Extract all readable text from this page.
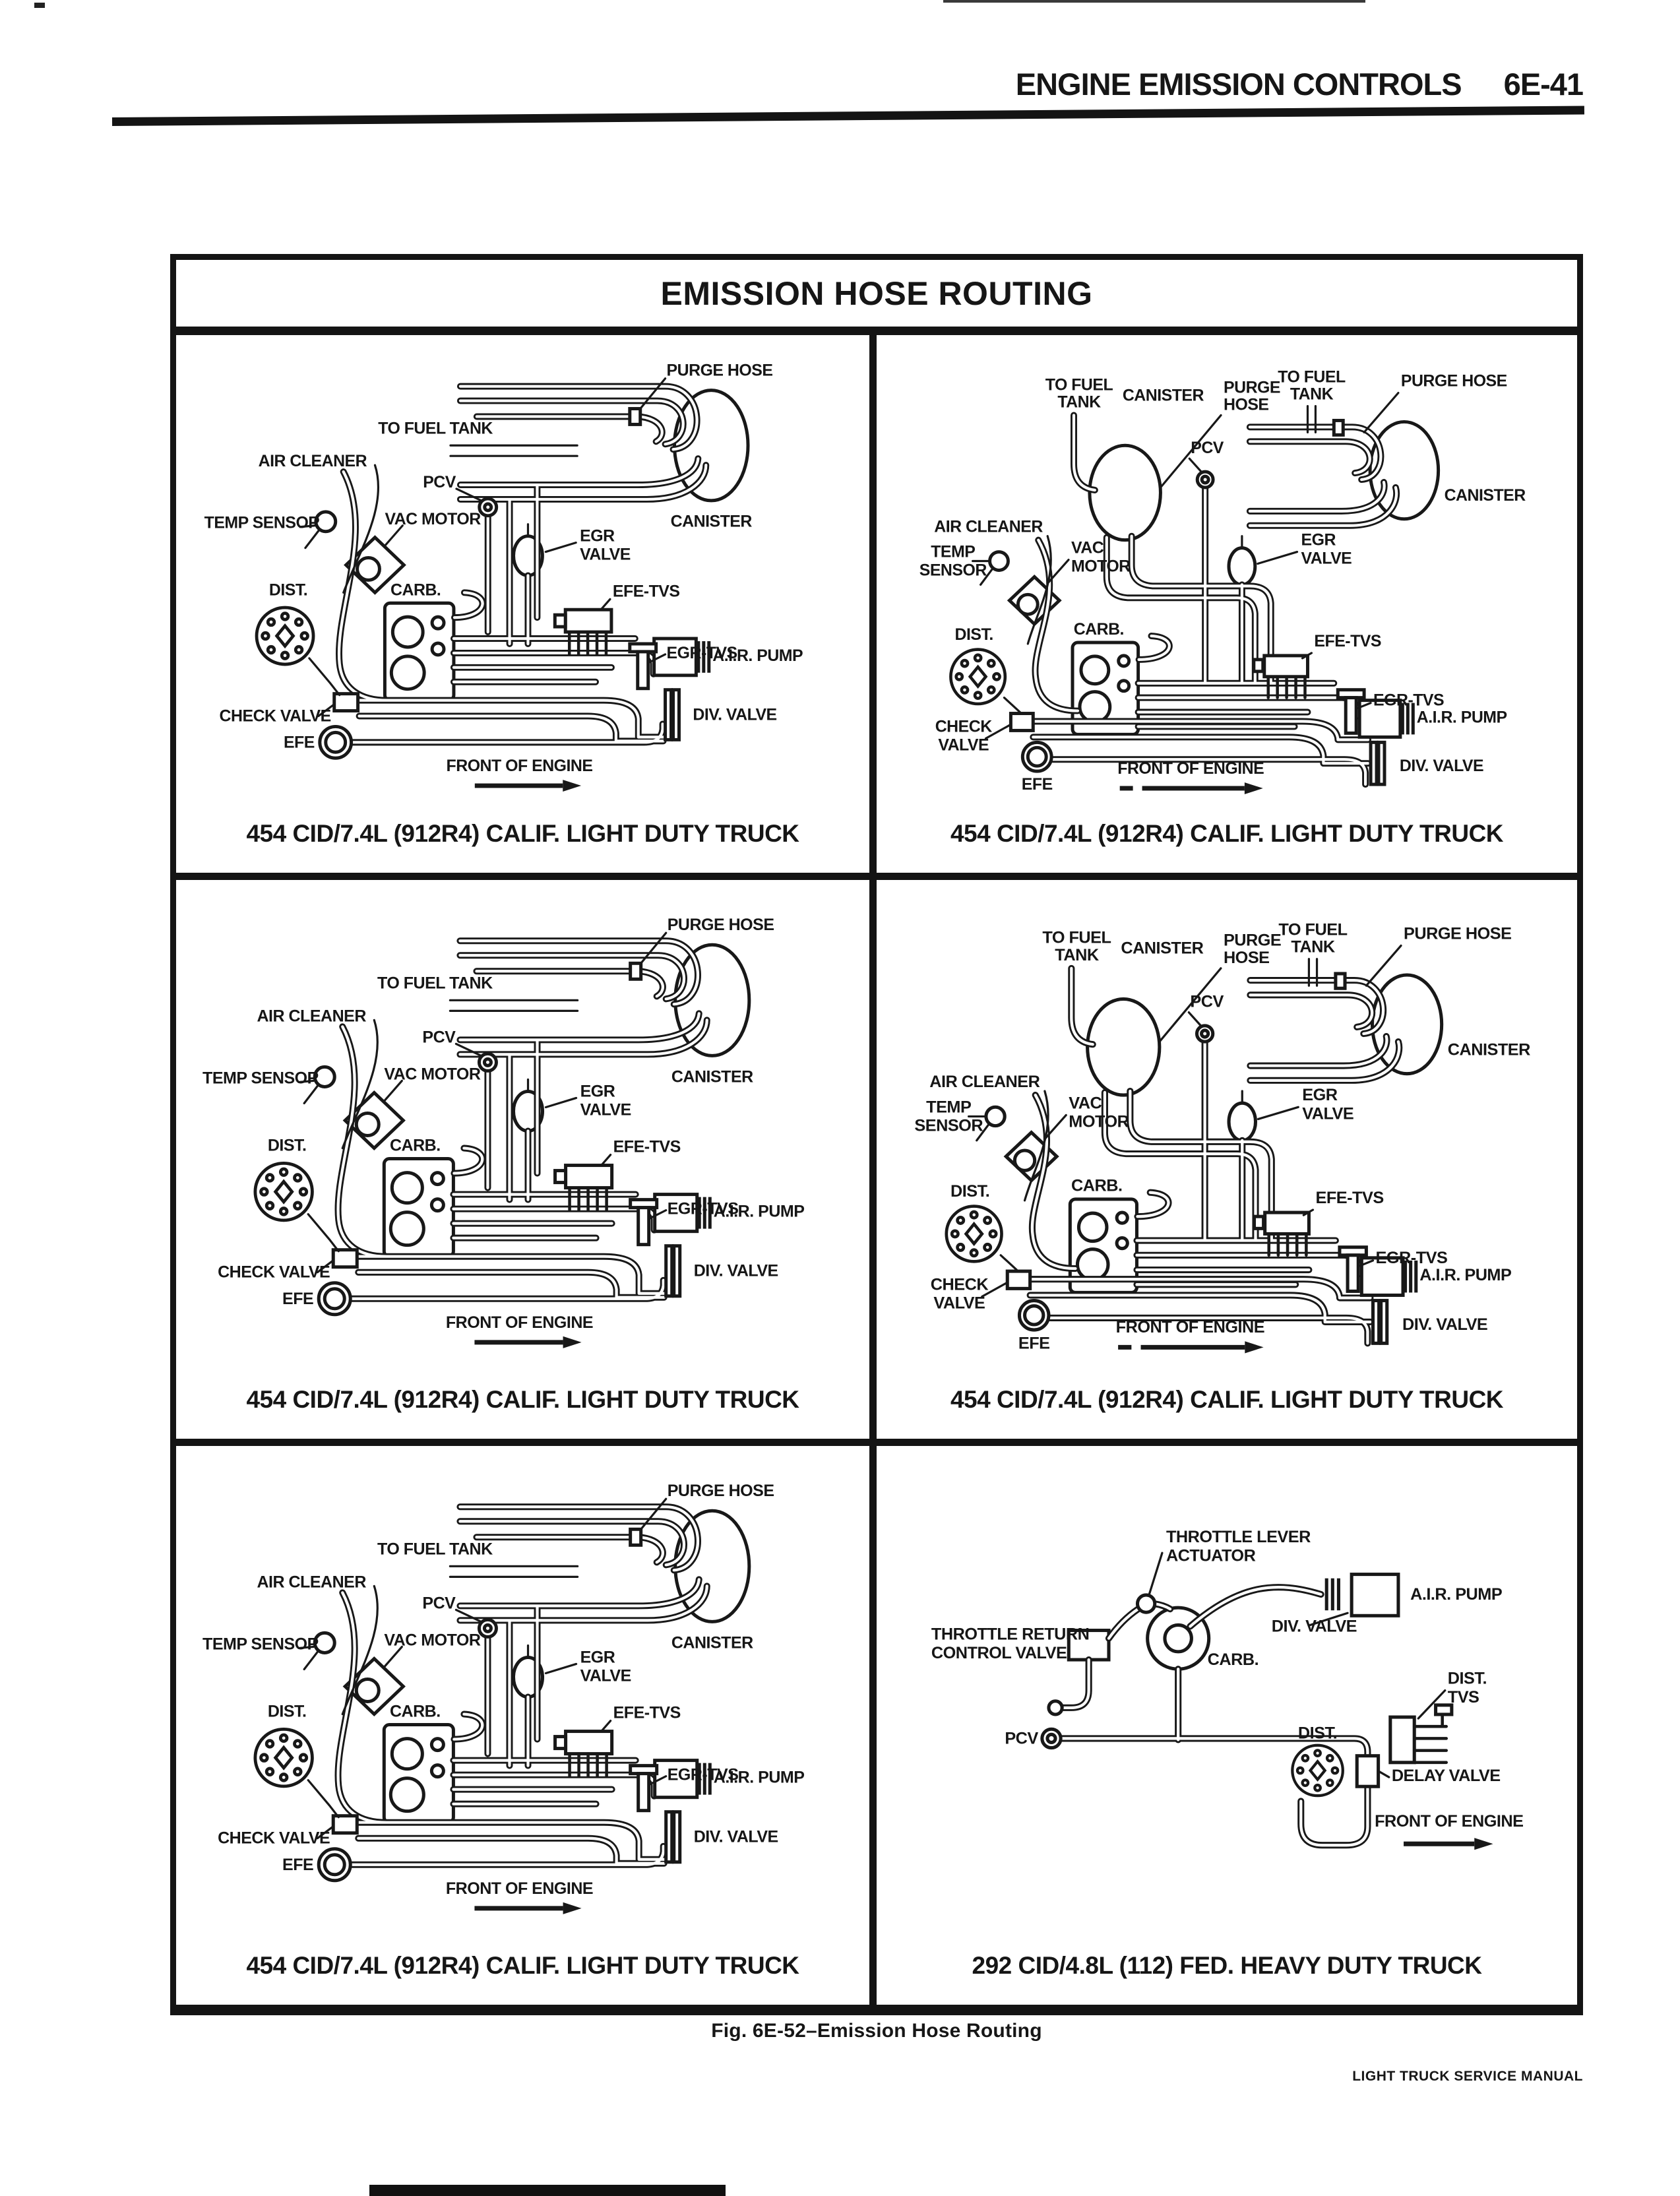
ENGINE EMISSION CONTROLS 6E-41
EMISSION HOSE ROUTING
454 CID/7.4L (912R4) CALIF. LIGHT DUTY TRUCK	454 CID/7.4L (912R4) CALIF. LIGHT DUTY TRUCK
454 CID/7.4L (912R4) CALIF. LIGHT DUTY TRUCK	454 CID/7.4L (912R4) CALIF. LIGHT DUTY TRUCK
454 CID/7.4L (912R4) CALIF. LIGHT DUTY TRUCK	292 CID/4.8L (112) FED. HEAVY DUTY TRUCK
Fig. 6E-52–Emission Hose Routing
LIGHT TRUCK SERVICE MANUAL
